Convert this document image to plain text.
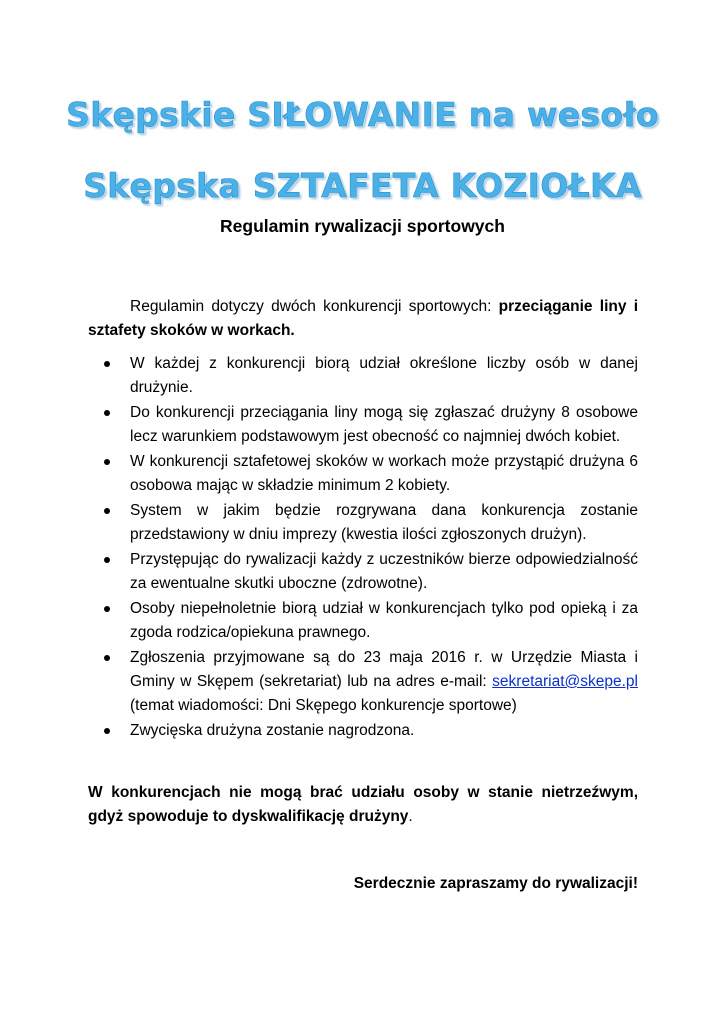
Skępskie SIŁOWANIE na wesoło
Skępska SZTAFETA KOZIOŁKA
Regulamin rywalizacji sportowych
Regulamin dotyczy dwóch konkurencji sportowych: przeciąganie liny i sztafety skoków w workach.
W każdej z konkurencji biorą udział określone liczby osób w danej drużynie.
Do konkurencji przeciągania liny mogą się zgłaszać drużyny 8 osobowe lecz warunkiem podstawowym jest obecność co najmniej dwóch kobiet.
W konkurencji sztafetowej skoków w workach może przystąpić drużyna 6 osobowa mając w składzie minimum 2 kobiety.
System w jakim będzie rozgrywana dana konkurencja zostanie przedstawiony w dniu imprezy (kwestia ilości zgłoszonych drużyn).
Przystępując do rywalizacji każdy z uczestników bierze odpowiedzialność za ewentualne skutki uboczne (zdrowotne).
Osoby niepełnoletnie biorą udział w konkurencjach tylko pod opieką i za zgoda rodzica/opiekuna prawnego.
Zgłoszenia przyjmowane są do 23 maja 2016 r. w Urzędzie Miasta i Gminy w Skępem (sekretariat) lub na adres e-mail: sekretariat@skepe.pl (temat wiadomości: Dni Skępego konkurencje sportowe)
Zwycięska drużyna zostanie nagrodzona.
W konkurencjach nie mogą brać udziału osoby w stanie nietrzeźwym, gdyż spowoduje to dyskwalifikację drużyny.
Serdecznie zapraszamy do rywalizacji!
